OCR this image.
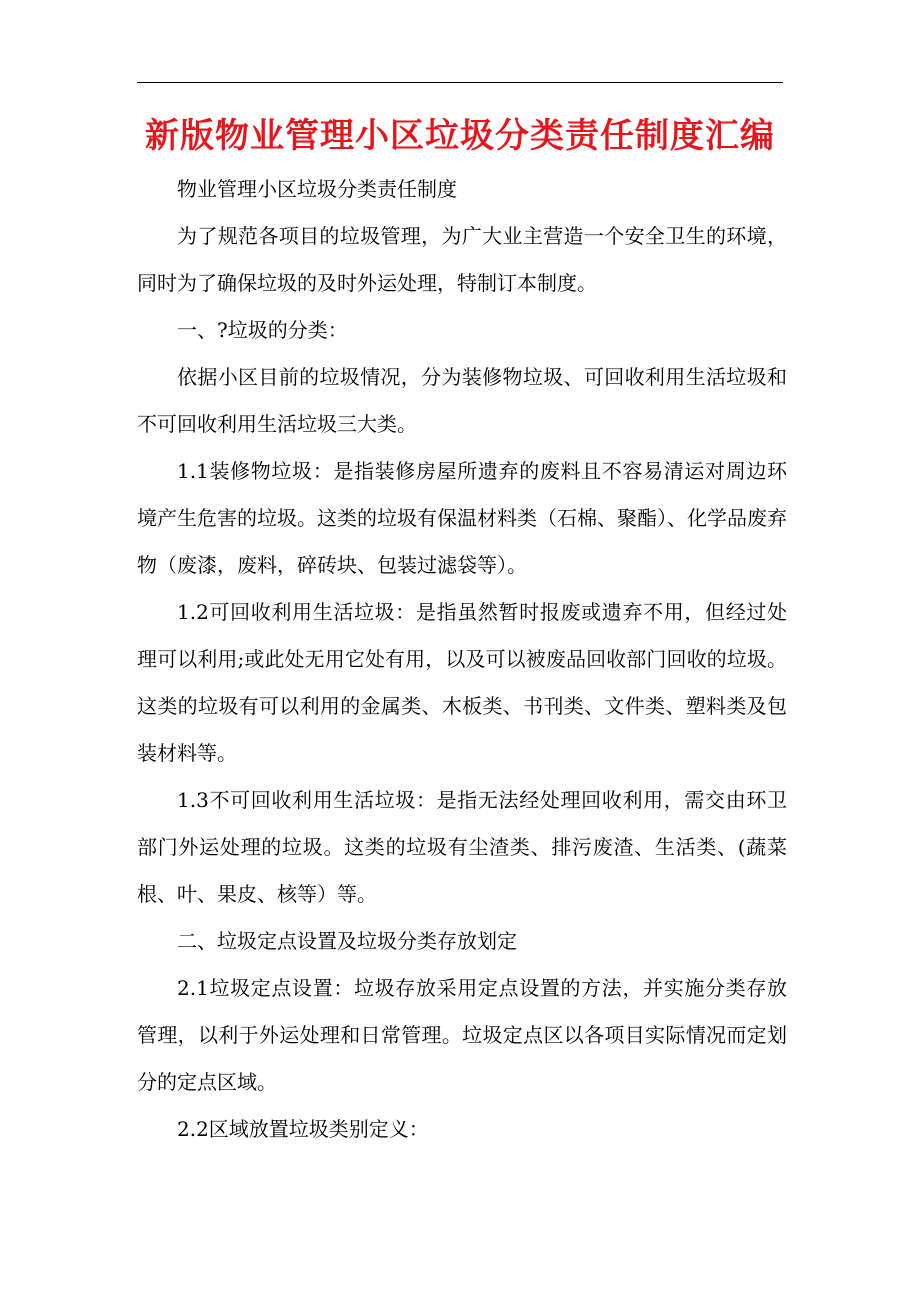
新版物业管理小区垃圾分类责任制度汇编

物业管理小区垃圾分类责任制度

为了规范各项目的垃圾管理，为广大业主营造一个安全卫生的环境，同时为了确保垃圾的及时外运处理，特制订本制度。

一、?垃圾的分类：

依据小区目前的垃圾情况，分为装修物垃圾、可回收利用生活垃圾和不可回收利用生活垃圾三大类。

1.1装修物垃圾：是指装修房屋所遗弃的废料且不容易清运对周边环境产生危害的垃圾。这类的垃圾有保温材料类（石棉、聚酯）、化学品废弃物（废漆，废料，碎砖块、包装过滤袋等）。

1.2可回收利用生活垃圾：是指虽然暂时报废或遗弃不用，但经过处理可以利用;或此处无用它处有用，以及可以被废品回收部门回收的垃圾。这类的垃圾有可以利用的金属类、木板类、书刊类、文件类、塑料类及包装材料等。

1.3不可回收利用生活垃圾：是指无法经处理回收利用，需交由环卫部门外运处理的垃圾。这类的垃圾有尘渣类、排污废渣、生活类、(蔬菜根、叶、果皮、核等）等。

二、垃圾定点设置及垃圾分类存放划定

2.1垃圾定点设置：垃圾存放采用定点设置的方法，并实施分类存放管理，以利于外运处理和日常管理。垃圾定点区以各项目实际情况而定划分的定点区域。

2.2区域放置垃圾类别定义：
